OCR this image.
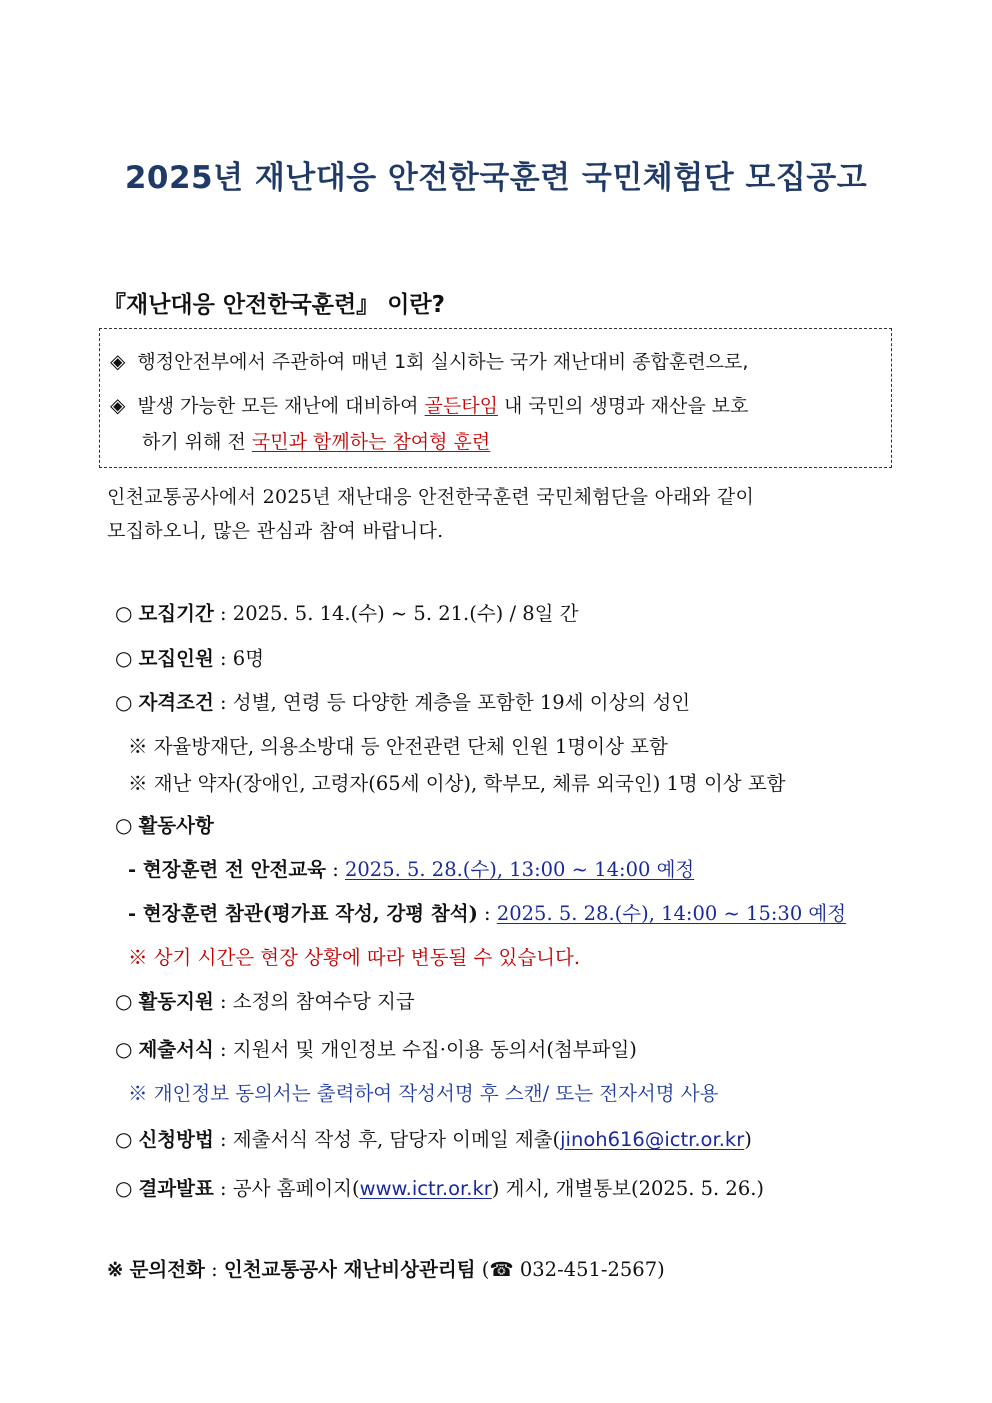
2025년 재난대응 안전한국훈련 국민체험단 모집공고
『재난대응 안전한국훈련』 이란?
◈ 행정안전부에서 주관하여 매년 1회 실시하는 국가 재난대비 종합훈련으로,
◈ 발생 가능한 모든 재난에 대비하여 골든타임 내 국민의 생명과 재산을 보호
하기 위해 전 국민과 함께하는 참여형 훈련
인천교통공사에서 2025년 재난대응 안전한국훈련 국민체험단을 아래와 같이
모집하오니, 많은 관심과 참여 바랍니다.
○ 모집기간 : 2025. 5. 14.(수) ~ 5. 21.(수) / 8일 간
○ 모집인원 : 6명
○ 자격조건 : 성별, 연령 등 다양한 계층을 포함한 19세 이상의 성인
※ 자율방재단, 의용소방대 등 안전관련 단체 인원 1명이상 포함
※ 재난 약자(장애인, 고령자(65세 이상), 학부모, 체류 외국인) 1명 이상 포함
○ 활동사항
- 현장훈련 전 안전교육 : 2025. 5. 28.(수), 13:00 ~ 14:00 예정
- 현장훈련 참관(평가표 작성, 강평 참석) : 2025. 5. 28.(수), 14:00 ~ 15:30 예정
※ 상기 시간은 현장 상황에 따라 변동될 수 있습니다.
○ 활동지원 : 소정의 참여수당 지급
○ 제출서식 : 지원서 및 개인정보 수집·이용 동의서(첨부파일)
※ 개인정보 동의서는 출력하여 작성서명 후 스캔/ 또는 전자서명 사용
○ 신청방법 : 제출서식 작성 후, 담당자 이메일 제출(jinoh616@ictr.or.kr)
○ 결과발표 : 공사 홈페이지(www.ictr.or.kr) 게시, 개별통보(2025. 5. 26.)
※ 문의전화 : 인천교통공사 재난비상관리팀 (☎ 032-451-2567)
